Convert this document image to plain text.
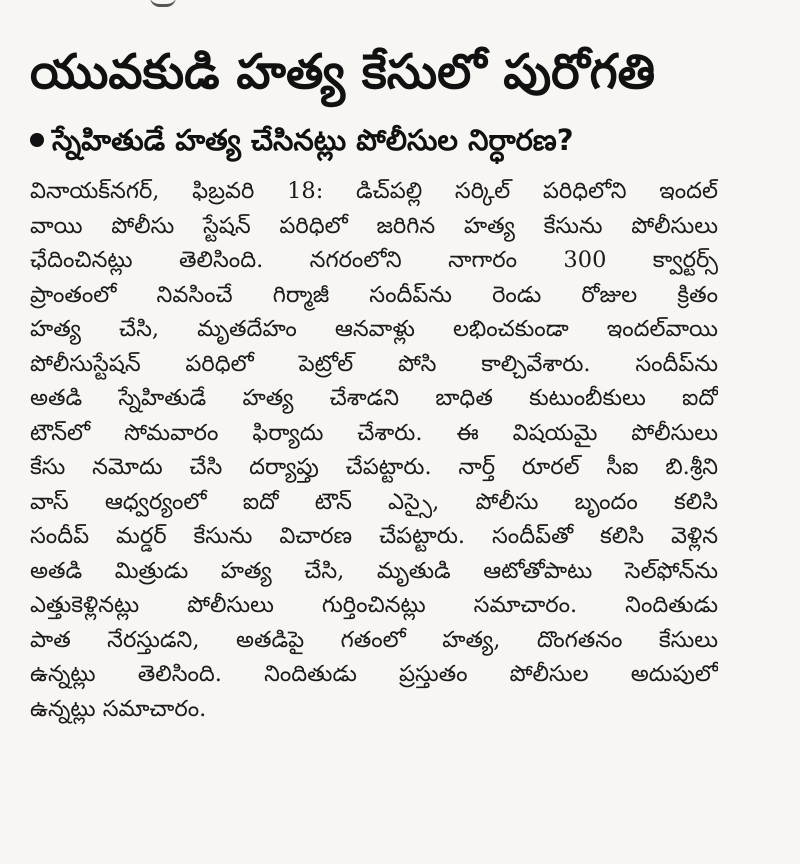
యువకుడి హత్య కేసులో పురోగతి
స్నేహితుడే హత్య చేసినట్లు పోలీసుల నిర్ధారణ?
వినాయక్‌నగర్, ఫిబ్రవరి 18: డిచ్‌పల్లి సర్కిల్ పరిధిలోని ఇందల్
వాయి పోలీసు స్టేషన్ పరిధిలో జరిగిన హత్య కేసును పోలీసులు
ఛేదించినట్లు తెలిసింది. నగరంలోని నాగారం 300 క్వార్టర్స్
ప్రాంతంలో నివసించే గిర్మాజీ సందీప్‌ను రెండు రోజుల క్రితం
హత్య చేసి, మృతదేహం ఆనవాళ్లు లభించకుండా ఇందల్‌వాయి
పోలీసుస్టేషన్ పరిధిలో పెట్రోల్ పోసి కాల్చివేశారు. సందీప్‌ను
అతడి స్నేహితుడే హత్య చేశాడని బాధిత కుటుంబీకులు ఐదో
టౌన్‌లో సోమవారం ఫిర్యాదు చేశారు. ఈ విషయమై పోలీసులు
కేసు నమోదు చేసి దర్యాప్తు చేపట్టారు. నార్త్ రూరల్ సీఐ బి.శ్రీని
వాస్ ఆధ్వర్యంలో ఐదో టౌన్ ఎస్సై, పోలీసు బృందం కలిసి
సందీప్ మర్డర్ కేసును విచారణ చేపట్టారు. సందీప్‌తో కలిసి వెళ్లిన
అతడి మిత్రుడు హత్య చేసి, మృతుడి ఆటోతోపాటు సెల్‌ఫోన్‌ను
ఎత్తుకెళ్లినట్లు పోలీసులు గుర్తించినట్లు సమాచారం. నిందితుడు
పాత నేరస్తుడని, అతడిపై గతంలో హత్య, దొంగతనం కేసులు
ఉన్నట్లు తెలిసింది. నిందితుడు ప్రస్తుతం పోలీసుల అదుపులో
ఉన్నట్లు సమాచారం.
